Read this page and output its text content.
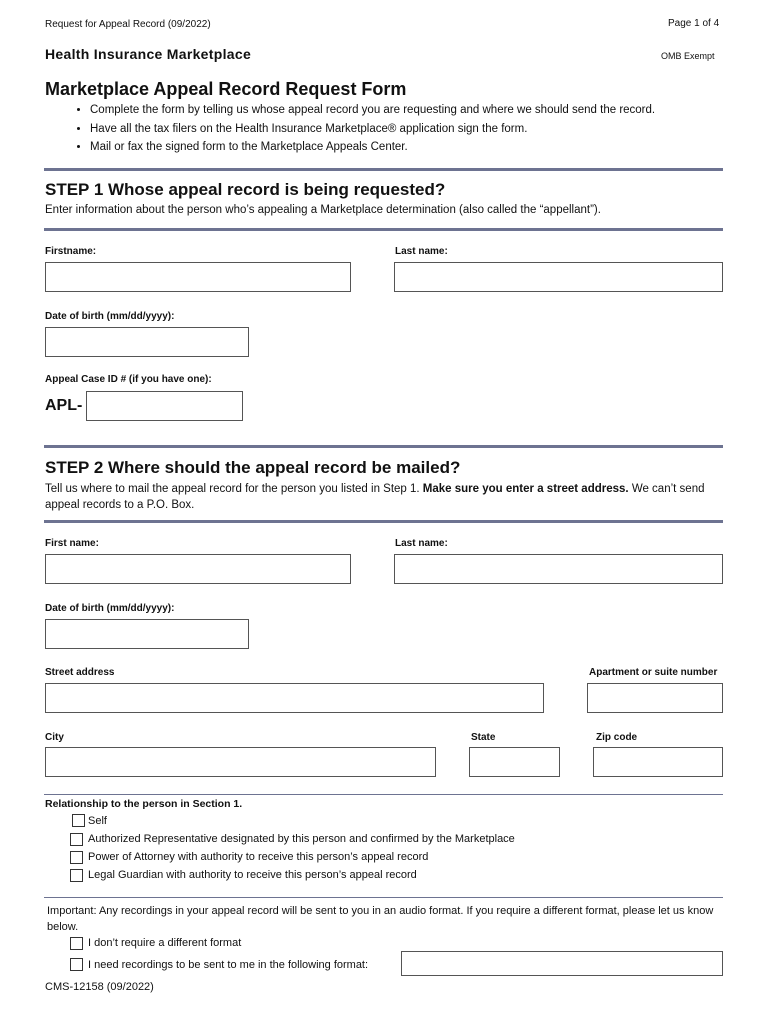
Request for Appeal Record (09/2022)	Page 1 of 4
Health Insurance Marketplace	OMB Exempt
Marketplace Appeal Record Request Form
• Complete the form by telling us whose appeal record you are requesting and where we should send the record.
• Have all the tax filers on the Health Insurance Marketplace® application sign the form.
• Mail or fax the signed form to the Marketplace Appeals Center.
STEP 1 Whose appeal record is being requested?
Enter information about the person who’s appealing a Marketplace determination (also called the “appellant”).
Firstname:	Last name:
Date of birth (mm/dd/yyyy):
Appeal Case ID # (if you have one):
APL-
STEP 2 Where should the appeal record be mailed?
Tell us where to mail the appeal record for the person you listed in Step 1. Make sure you enter a street address. We can’t send appeal records to a P.O. Box.
First name:	Last name:
Date of birth (mm/dd/yyyy):
Street address	Apartment or suite number
City	State	Zip code
Relationship to the person in Section 1.
Self
Authorized Representative designated by this person and confirmed by the Marketplace
Power of Attorney with authority to receive this person’s appeal record
Legal Guardian with authority to receive this person’s appeal record
Important: Any recordings in your appeal record will be sent to you in an audio format. If you require a different format, please let us know below.
I don’t require a different format
I need recordings to be sent to me in the following format:
CMS-12158 (09/2022)
